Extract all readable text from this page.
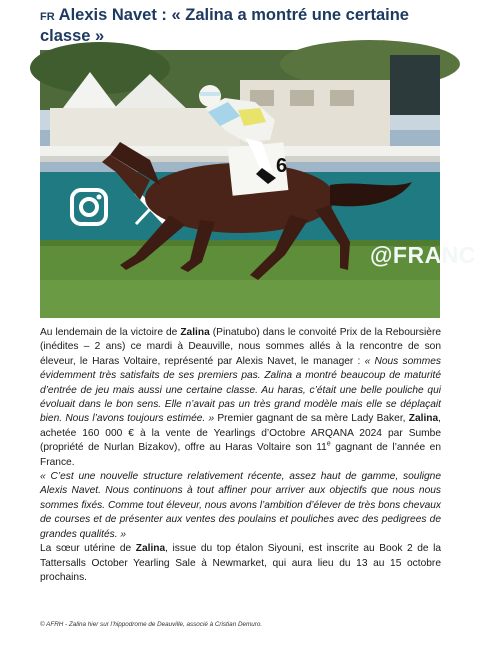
FR Alexis Navet : « Zalina a montré une certaine classe »
6
@FRANC

Au lendemain de la victoire de Zalina (Pinatubo) dans le convoité Prix de la Reboursière (inédites – 2 ans) ce mardi à Deauville, nous sommes allés à la rencontre de son éleveur, le Haras Voltaire, représenté par Alexis Navet, le manager : « Nous sommes évidemment très satisfaits de ses premiers pas. Zalina a montré beaucoup de maturité d’entrée de jeu mais aussi une certaine classe. Au haras, c’était une belle pouliche qui évoluait dans le bon sens. Elle n’avait pas un très grand modèle mais elle se déplaçait bien. Nous l’avons toujours estimée. » Premier gagnant de sa mère Lady Baker, Zalina, achetée 160 000 € à la vente de Yearlings d’Octobre ARQANA 2024 par Sumbe (propriété de Nurlan Bizakov), offre au Haras Voltaire son 11e gagnant de l’année en France.

« C’est une nouvelle structure relativement récente, assez haut de gamme, souligne Alexis Navet. Nous continuons à tout affiner pour arriver aux objectifs que nous nous sommes fixés. Comme tout éleveur, nous avons l’ambition d’élever de très bons chevaux de courses et de présenter aux ventes des poulains et pouliches avec des pedigrees de grandes qualités. »

La sœur utérine de Zalina, issue du top étalon Siyouni, est inscrite au Book 2 de la Tattersalls October Yearling Sale à Newmarket, qui aura lieu du 13 au 15 octobre prochains.

© AFRH - Zalina hier sur l’hippodrome de Deauville, associé à Cristian Demuro.
